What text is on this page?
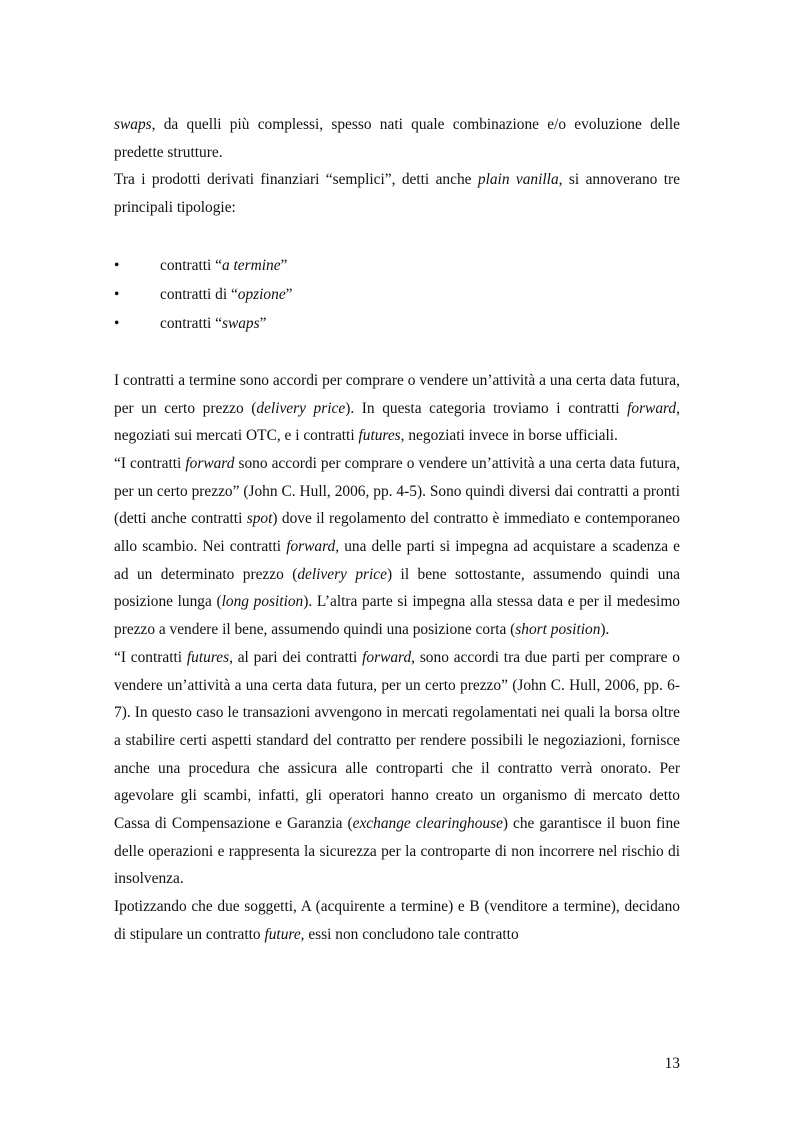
swaps, da quelli più complessi, spesso nati quale combinazione e/o evoluzione delle predette strutture.

Tra i prodotti derivati finanziari “semplici”, detti anche plain vanilla, si annoverano tre principali tipologie:

•	contratti “a termine”
•	contratti di “opzione”
•	contratti “swaps”

I contratti a termine sono accordi per comprare o vendere un’attività a una certa data futura, per un certo prezzo (delivery price). In questa categoria troviamo i contratti forward, negoziati sui mercati OTC, e i contratti futures, negoziati invece in borse ufficiali.

“I contratti forward sono accordi per comprare o vendere un’attività a una certa data futura, per un certo prezzo” (John C. Hull, 2006, pp. 4-5). Sono quindi diversi dai contratti a pronti (detti anche contratti spot) dove il regolamento del contratto è immediato e contemporaneo allo scambio. Nei contratti forward, una delle parti si impegna ad acquistare a scadenza e ad un determinato prezzo (delivery price) il bene sottostante, assumendo quindi una posizione lunga (long position). L’altra parte si impegna alla stessa data e per il medesimo prezzo a vendere il bene, assumendo quindi una posizione corta (short position).

“I contratti futures, al pari dei contratti forward, sono accordi tra due parti per comprare o vendere un’attività a una certa data futura, per un certo prezzo” (John C. Hull, 2006, pp. 6-7). In questo caso le transazioni avvengono in mercati regolamentati nei quali la borsa oltre a stabilire certi aspetti standard del contratto per rendere possibili le negoziazioni, fornisce anche una procedura che assicura alle controparti che il contratto verrà onorato. Per agevolare gli scambi, infatti, gli operatori hanno creato un organismo di mercato detto Cassa di Compensazione e Garanzia (exchange clearinghouse) che garantisce il buon fine delle operazioni e rappresenta la sicurezza per la controparte di non incorrere nel rischio di insolvenza.

Ipotizzando che due soggetti, A (acquirente a termine) e B (venditore a termine), decidano di stipulare un contratto future, essi non concludono tale contratto

13
